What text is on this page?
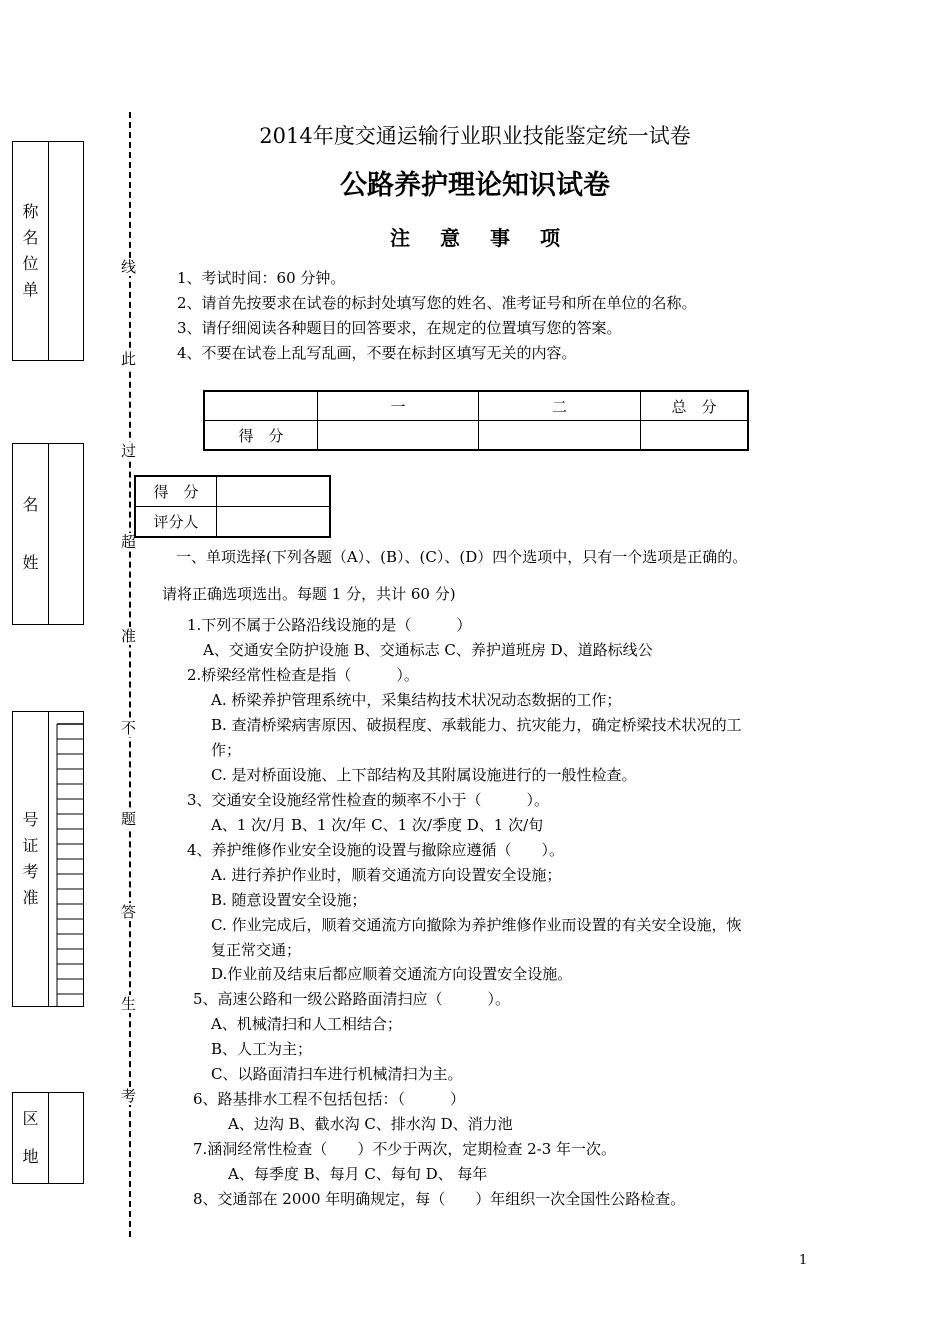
称
名
位
单
名
姓
号
证
考
准
区
地
线
此
过
超
准
不
题
答
生
考
2014年度交通运输行业职业技能鉴定统一试卷
公路养护理论知识试卷
注意事项
1、考试时间：60 分钟。
2、请首先按要求在试卷的标封处填写您的姓名、准考证号和所在单位的名称。
3、请仔细阅读各种题目的回答要求，在规定的位置填写您的答案。
4、不要在试卷上乱写乱画，不要在标封区填写无关的内容。
	一	二	总　分
得　分			
得　分	
评分人	
一、单项选择(下列各题（A）、(B）、(C）、(D）四个选项中，只有一个选项是正确的。
请将正确选项选出。每题 1 分，共计 60 分)
1.下列不属于公路沿线设施的是（　　　）
A、交通安全防护设施 B、交通标志 C、养护道班房 D、道路标线公
2.桥梁经常性检查是指（　　　）。
A. 桥梁养护管理系统中，采集结构技术状况动态数据的工作；
B. 查清桥梁病害原因、破损程度、承载能力、抗灾能力，确定桥梁技术状况的工
作；
C. 是对桥面设施、上下部结构及其附属设施进行的一般性检查。
3、交通安全设施经常性检查的频率不小于（　　　）。
A、1 次/月 B、1 次/年 C、1 次/季度 D、1 次/旬
4、养护维修作业安全设施的设置与撤除应遵循（　　）。
A. 进行养护作业时，顺着交通流方向设置安全设施；
B. 随意设置安全设施；
C. 作业完成后，顺着交通流方向撤除为养护维修作业而设置的有关安全设施，恢
复正常交通；
D.作业前及结束后都应顺着交通流方向设置安全设施。
5、高速公路和一级公路路面清扫应（　　　）。
A、机械清扫和人工相结合；
B、人工为主；
C、以路面清扫车进行机械清扫为主。
6、路基排水工程不包括包括：（　　　）
A、边沟 B、截水沟 C、排水沟 D、消力池
7.涵洞经常性检查（　　）不少于两次，定期检查 2-3 年一次。
A、每季度 B、每月 C、每旬 D、 每年
8、交通部在 2000 年明确规定，每（　　）年组织一次全国性公路检查。
1
